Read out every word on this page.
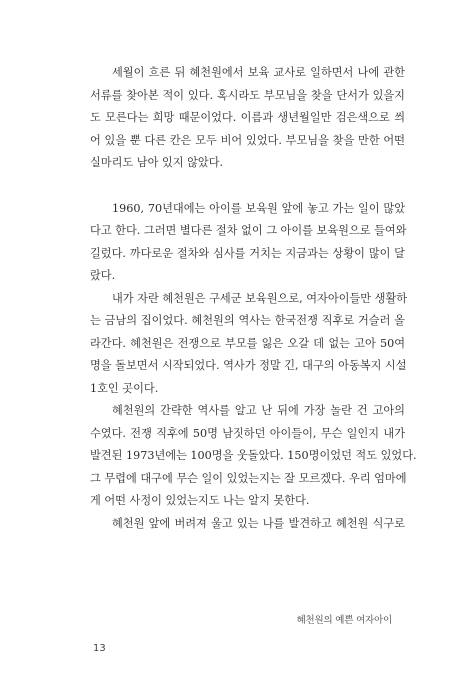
세월이 흐른 뒤 혜천원에서 보육 교사로 일하면서 나에 관한
서류를 찾아본 적이 있다. 혹시라도 부모님을 찾을 단서가 있을지
도 모른다는 희망 때문이었다. 이름과 생년월일만 검은색으로 씌
어 있을 뿐 다른 칸은 모두 비어 있었다. 부모님을 찾을 만한 어떤
실마리도 남아 있지 않았다.
1960, 70년대에는 아이를 보육원 앞에 놓고 가는 일이 많았
다고 한다. 그러면 별다른 절차 없이 그 아이를 보육원으로 들여와
길렀다. 까다로운 절차와 심사를 거치는 지금과는 상황이 많이 달
랐다.
내가 자란 혜천원은 구세군 보육원으로, 여자아이들만 생활하
는 금남의 집이었다. 혜천원의 역사는 한국전쟁 직후로 거슬러 올
라간다. 혜천원은 전쟁으로 부모를 잃은 오갈 데 없는 고아 50여
명을 돌보면서 시작되었다. 역사가 정말 긴, 대구의 아동복지 시설
1호인 곳이다.
혜천원의 간략한 역사를 알고 난 뒤에 가장 놀란 건 고아의
수였다. 전쟁 직후에 50명 남짓하던 아이들이, 무슨 일인지 내가
발견된 1973년에는 100명을 웃돌았다. 150명이었던 적도 있었다.
그 무렵에 대구에 무슨 일이 있었는지는 잘 모르겠다. 우리 엄마에
게 어떤 사정이 있었는지도 나는 알지 못한다.
혜천원 앞에 버려져 울고 있는 나를 발견하고 혜천원 식구로
혜천원의 예쁜 여자아이
13
